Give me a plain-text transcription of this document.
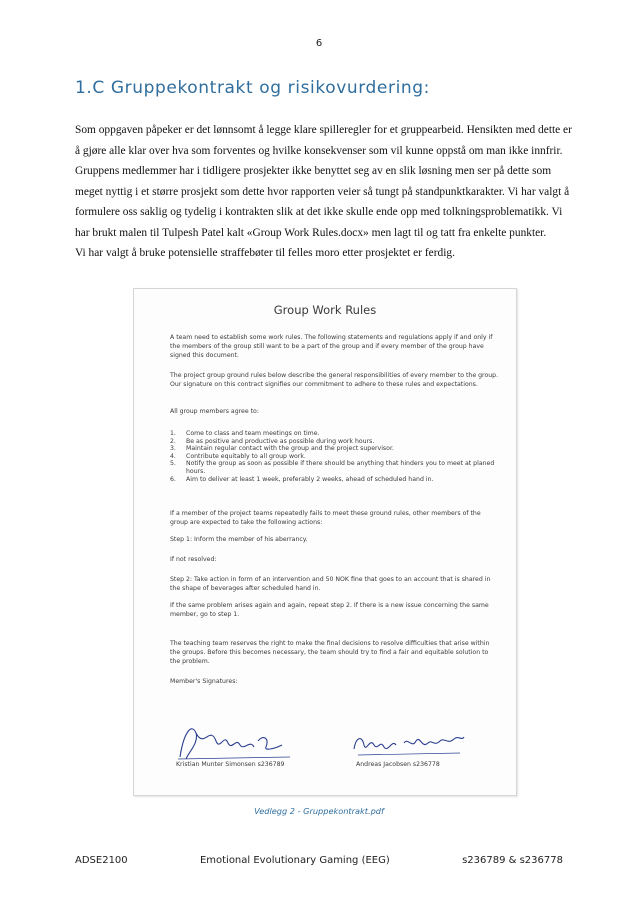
6
1.C Gruppekontrakt og risikovurdering:

Som oppgaven påpeker er det lønnsomt å legge klare spilleregler for et gruppearbeid. Hensikten med dette er å gjøre alle klar over hva som forventes og hvilke konsekvenser som vil kunne oppstå om man ikke innfrir. Gruppens medlemmer har i tidligere prosjekter ikke benyttet seg av en slik løsning men ser på dette som meget nyttig i et større prosjekt som dette hvor rapporten veier så tungt på standpunktkarakter. Vi har valgt å formulere oss saklig og tydelig i kontrakten slik at det ikke skulle ende opp med tolkningsproblematikk. Vi har brukt malen til Tulpesh Patel kalt «Group Work Rules.docx» men lagt til og tatt fra enkelte punkter.

Vi har valgt å bruke potensielle straffebøter til felles moro etter prosjektet er ferdig.

Group Work Rules

A team need to establish some work rules. The following statements and regulations apply if and only if the members of the group still want to be a part of the group and if every member of the group have signed this document.

The project group ground rules below describe the general responsibilities of every member to the group. Our signature on this contract signifies our commitment to adhere to these rules and expectations.

All group members agree to:

1.	Come to class and team meetings on time.
2.	Be as positive and productive as possible during work hours.
3.	Maintain regular contact with the group and the project supervisor.
4.	Contribute equitably to all group work.
5.	Notify the group as soon as possible if there should be anything that hinders you to meet at planed hours.
6.	Aim to deliver at least 1 week, preferably 2 weeks, ahead of scheduled hand in.

If a member of the project teams repeatedly fails to meet these ground rules, other members of the group are expected to take the following actions:

Step 1: Inform the member of his aberrancy.

If not resolved:

Step 2: Take action in form of an intervention and 50 NOK fine that goes to an account that is shared in the shape of beverages after scheduled hand in.

If the same problem arises again and again, repeat step 2. If there is a new issue concerning the same member, go to step 1.

The teaching team reserves the right to make the final decisions to resolve difficulties that arise within the groups. Before this becomes necessary, the team should try to find a fair and equitable solution to the problem.

Member's Signatures:

Kristian Munter Simonsen s236789	Andreas Jacobsen s236778
Vedlegg 2 - Gruppekontrakt.pdf
ADSE2100	Emotional Evolutionary Gaming (EEG)	s236789 & s236778
